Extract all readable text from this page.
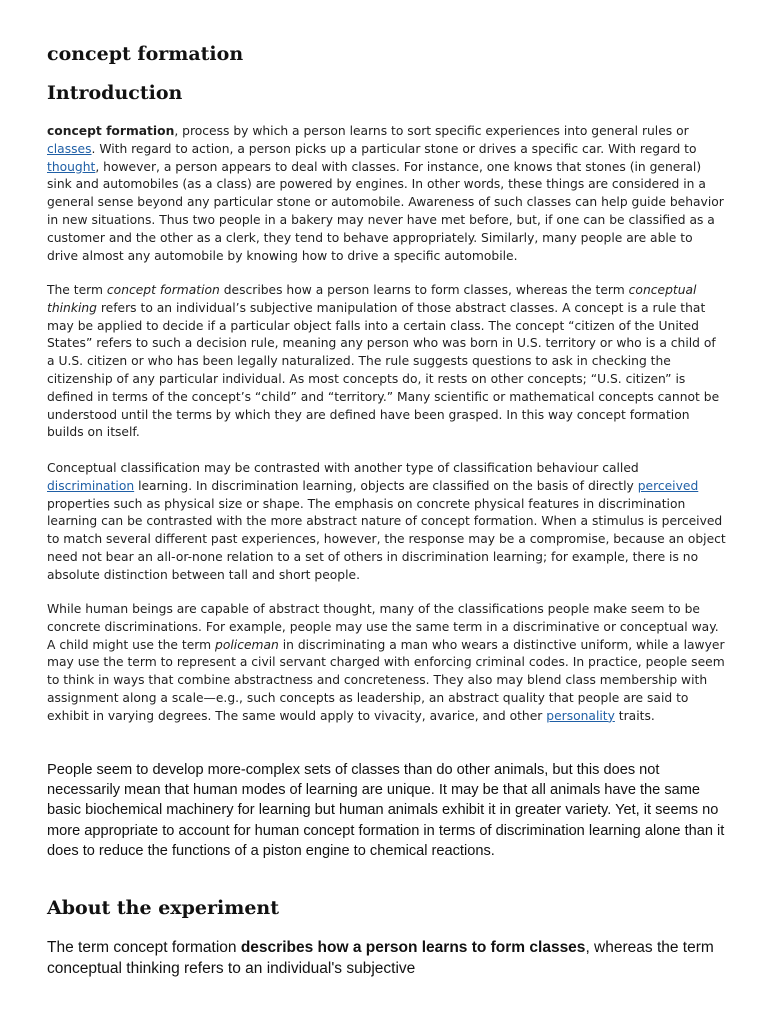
concept formation
Introduction

concept formation, process by which a person learns to sort specific experiences into general rules or classes. With regard to action, a person picks up a particular stone or drives a specific car. With regard to thought, however, a person appears to deal with classes. For instance, one knows that stones (in general) sink and automobiles (as a class) are powered by engines. In other words, these things are considered in a general sense beyond any particular stone or automobile. Awareness of such classes can help guide behavior in new situations. Thus two people in a bakery may never have met before, but, if one can be classified as a customer and the other as a clerk, they tend to behave appropriately. Similarly, many people are able to drive almost any automobile by knowing how to drive a specific automobile.

The term concept formation describes how a person learns to form classes, whereas the term conceptual thinking refers to an individual’s subjective manipulation of those abstract classes. A concept is a rule that may be applied to decide if a particular object falls into a certain class. The concept “citizen of the United States” refers to such a decision rule, meaning any person who was born in U.S. territory or who is a child of a U.S. citizen or who has been legally naturalized. The rule suggests questions to ask in checking the citizenship of any particular individual. As most concepts do, it rests on other concepts; “U.S. citizen” is defined in terms of the concept’s “child” and “territory.” Many scientific or mathematical concepts cannot be understood until the terms by which they are defined have been grasped. In this way concept formation builds on itself.

Conceptual classification may be contrasted with another type of classification behaviour called discrimination learning. In discrimination learning, objects are classified on the basis of directly perceived properties such as physical size or shape. The emphasis on concrete physical features in discrimination learning can be contrasted with the more abstract nature of concept formation. When a stimulus is perceived to match several different past experiences, however, the response may be a compromise, because an object need not bear an all-or-none relation to a set of others in discrimination learning; for example, there is no absolute distinction between tall and short people.

While human beings are capable of abstract thought, many of the classifications people make seem to be concrete discriminations. For example, people may use the same term in a discriminative or conceptual way. A child might use the term policeman in discriminating a man who wears a distinctive uniform, while a lawyer may use the term to represent a civil servant charged with enforcing criminal codes. In practice, people seem to think in ways that combine abstractness and concreteness. They also may blend class membership with assignment along a scale—e.g., such concepts as leadership, an abstract quality that people are said to exhibit in varying degrees. The same would apply to vivacity, avarice, and other personality traits.

People seem to develop more-complex sets of classes than do other animals, but this does not necessarily mean that human modes of learning are unique. It may be that all animals have the same basic biochemical machinery for learning but human animals exhibit it in greater variety. Yet, it seems no more appropriate to account for human concept formation in terms of discrimination learning alone than it does to reduce the functions of a piston engine to chemical reactions.

About the experiment

The term concept formation describes how a person learns to form classes, whereas the term conceptual thinking refers to an individual's subjective
